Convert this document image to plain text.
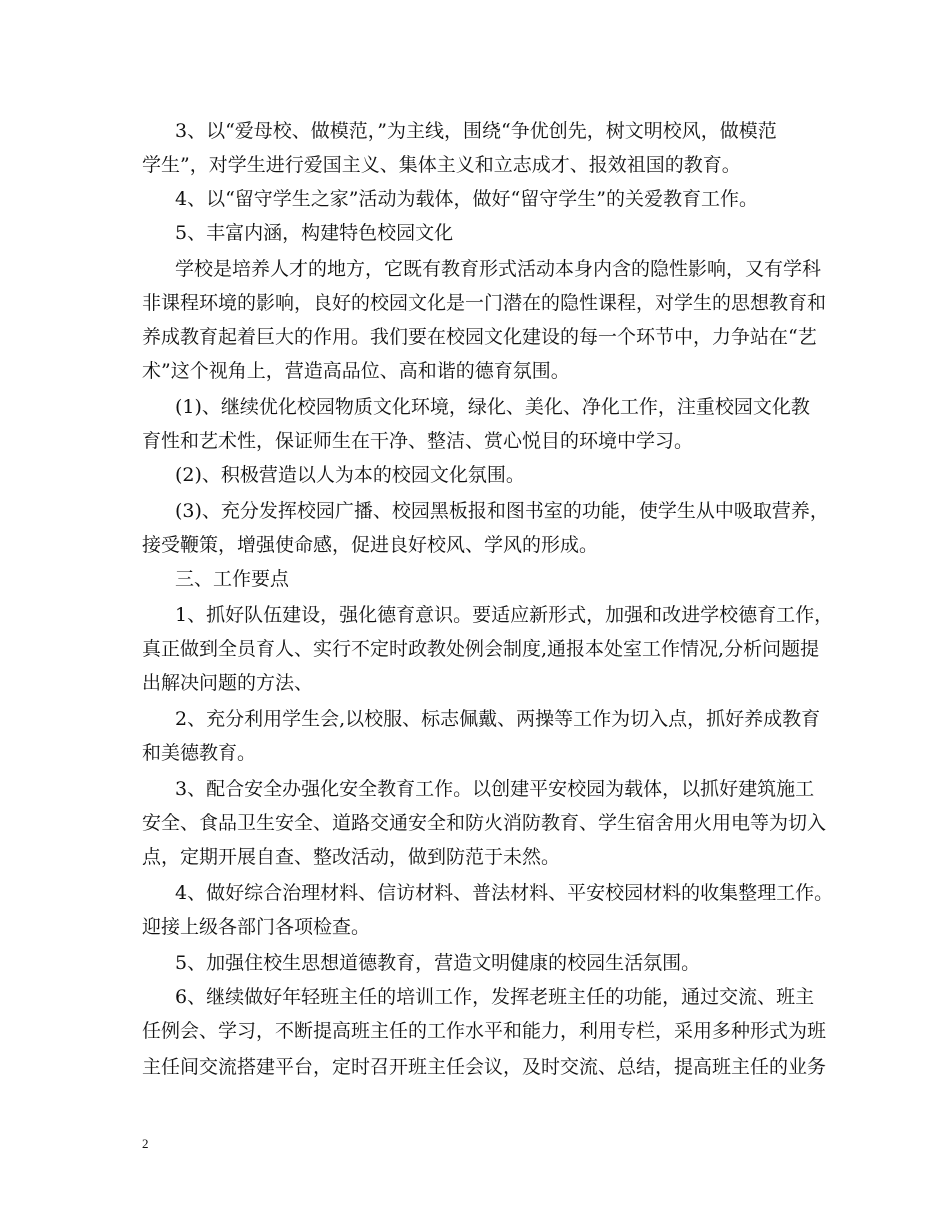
3、以“爱母校、做模范，”为主线，围绕“争优创先，树文明校风，做模范
学生”，对学生进行爱国主义、集体主义和立志成才、报效祖国的教育。
4、以“留守学生之家”活动为载体，做好“留守学生”的关爱教育工作。
5、丰富内涵，构建特色校园文化
学校是培养人才的地方，它既有教育形式活动本身内含的隐性影响，又有学科
非课程环境的影响，良好的校园文化是一门潜在的隐性课程，对学生的思想教育和
养成教育起着巨大的作用。我们要在校园文化建设的每一个环节中，力争站在“艺
术”这个视角上，营造高品位、高和谐的德育氛围。
(1)、继续优化校园物质文化环境，绿化、美化、净化工作，注重校园文化教
育性和艺术性，保证师生在干净、整洁、赏心悦目的环境中学习。
(2)、积极营造以人为本的校园文化氛围。
(3)、充分发挥校园广播、校园黑板报和图书室的功能，使学生从中吸取营养，
接受鞭策，增强使命感，促进良好校风、学风的形成。
三、工作要点
1、抓好队伍建设，强化德育意识。要适应新形式，加强和改进学校德育工作，
真正做到全员育人、实行不定时政教处例会制度,通报本处室工作情况,分析问题提
出解决问题的方法、
2、充分利用学生会,以校服、标志佩戴、两操等工作为切入点，抓好养成教育
和美德教育。
3、配合安全办强化安全教育工作。以创建平安校园为载体，以抓好建筑施工
安全、食品卫生安全、道路交通安全和防火消防教育、学生宿舍用火用电等为切入
点，定期开展自查、整改活动，做到防范于未然。
4、做好综合治理材料、信访材料、普法材料、平安校园材料的收集整理工作。
迎接上级各部门各项检查。
5、加强住校生思想道德教育，营造文明健康的校园生活氛围。
6、继续做好年轻班主任的培训工作，发挥老班主任的功能，通过交流、班主
任例会、学习，不断提高班主任的工作水平和能力，利用专栏，采用多种形式为班
主任间交流搭建平台，定时召开班主任会议，及时交流、总结，提高班主任的业务
2
